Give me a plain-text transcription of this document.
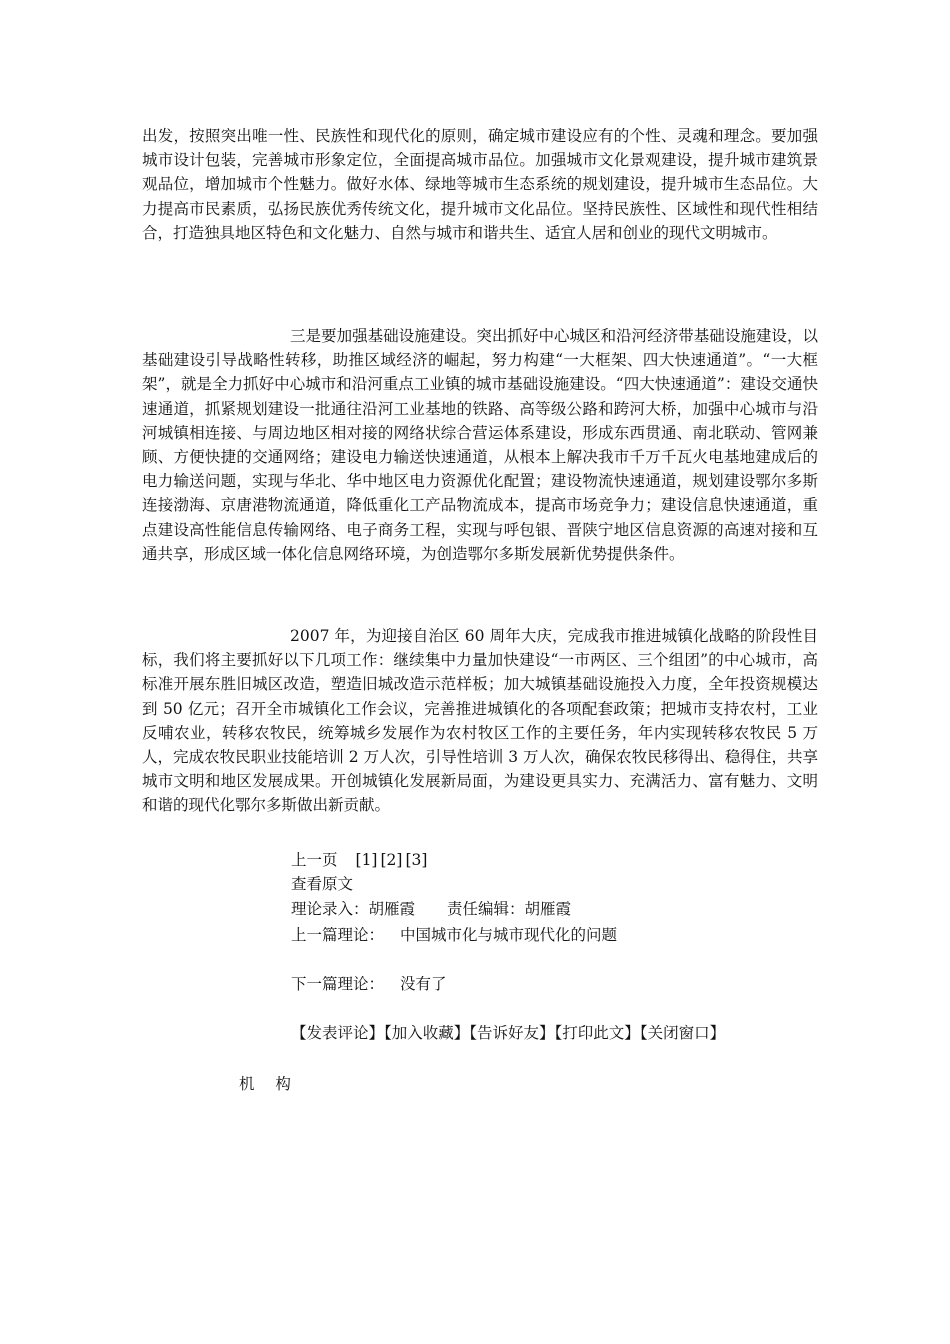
出发，按照突出唯一性、民族性和现代化的原则，确定城市建设应有的个性、灵魂和理念。要加强城市设计包装，完善城市形象定位，全面提高城市品位。加强城市文化景观建设，提升城市建筑景观品位，增加城市个性魅力。做好水体、绿地等城市生态系统的规划建设，提升城市生态品位。大力提高市民素质，弘扬民族优秀传统文化，提升城市文化品位。坚持民族性、区域性和现代性相结合，打造独具地区特色和文化魅力、自然与城市和谐共生、适宜人居和创业的现代文明城市。
三是要加强基础设施建设。突出抓好中心城区和沿河经济带基础设施建设，以基础建设引导战略性转移，助推区域经济的崛起，努力构建“一大框架、四大快速通道”。“一大框架”，就是全力抓好中心城市和沿河重点工业镇的城市基础设施建设。“四大快速通道”：建设交通快速通道，抓紧规划建设一批通往沿河工业基地的铁路、高等级公路和跨河大桥，加强中心城市与沿河城镇相连接、与周边地区相对接的网络状综合营运体系建设，形成东西贯通、南北联动、管网兼顾、方便快捷的交通网络；建设电力输送快速通道，从根本上解决我市千万千瓦火电基地建成后的电力输送问题，实现与华北、华中地区电力资源优化配置；建设物流快速通道，规划建设鄂尔多斯连接渤海、京唐港物流通道，降低重化工产品物流成本，提高市场竞争力；建设信息快速通道，重点建设高性能信息传输网络、电子商务工程，实现与呼包银、晋陕宁地区信息资源的高速对接和互通共享，形成区域一体化信息网络环境，为创造鄂尔多斯发展新优势提供条件。
2007 年，为迎接自治区 60 周年大庆，完成我市推进城镇化战略的阶段性目标，我们将主要抓好以下几项工作：继续集中力量加快建设“一市两区、三个组团”的中心城市，高标准开展东胜旧城区改造，塑造旧城改造示范样板；加大城镇基础设施投入力度，全年投资规模达到 50 亿元；召开全市城镇化工作会议，完善推进城镇化的各项配套政策；把城市支持农村，工业反哺农业，转移农牧民，统筹城乡发展作为农村牧区工作的主要任务，年内实现转移农牧民 5 万人，完成农牧民职业技能培训 2 万人次，引导性培训 3 万人次，确保农牧民移得出、稳得住，共享城市文明和地区发展成果。开创城镇化发展新局面，为建设更具实力、充满活力、富有魅力、文明和谐的现代化鄂尔多斯做出新贡献。
上一页 [1] [2] [3]
查看原文
理论录入：胡雁霞 责任编辑：胡雁霞
上一篇理论： 中国城市化与城市现代化的问题
下一篇理论： 没有了
【发表评论】【加入收藏】【告诉好友】【打印此文】【关闭窗口】
机 构
